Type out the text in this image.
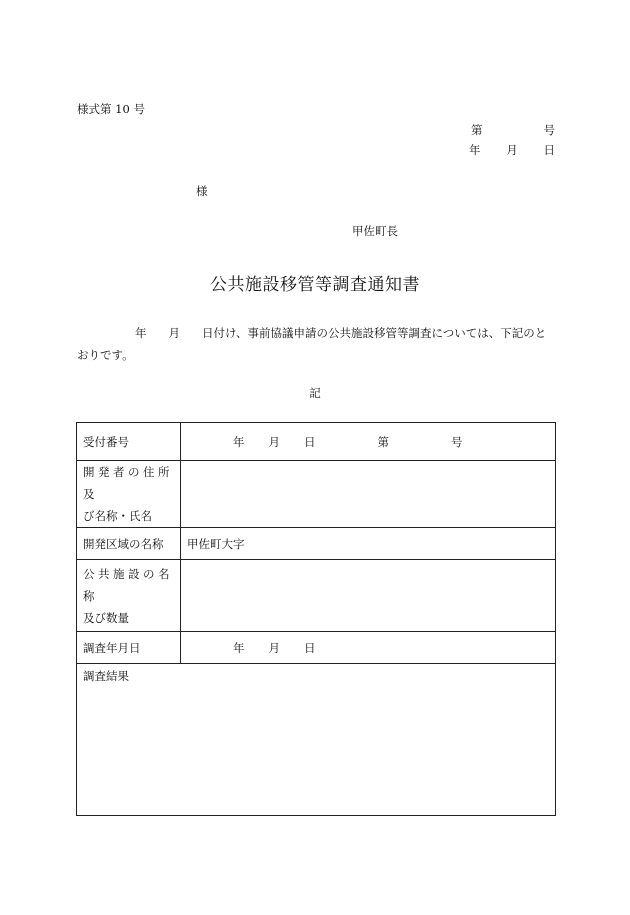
様式第 10 号
第	号
年 月 日
様
甲佐町長
公共施設移管等調査通知書
年 月 日付け、事前協議申請の公共施設移管等調査については、下記のとおりです。
記
受付番号	年 月 日 第 号

開発者の住所及
び名称・氏名	

開発区域の名称	甲佐町大字

公共施設の名称
及び数量	

調査年月日	年 月 日

調査結果	
